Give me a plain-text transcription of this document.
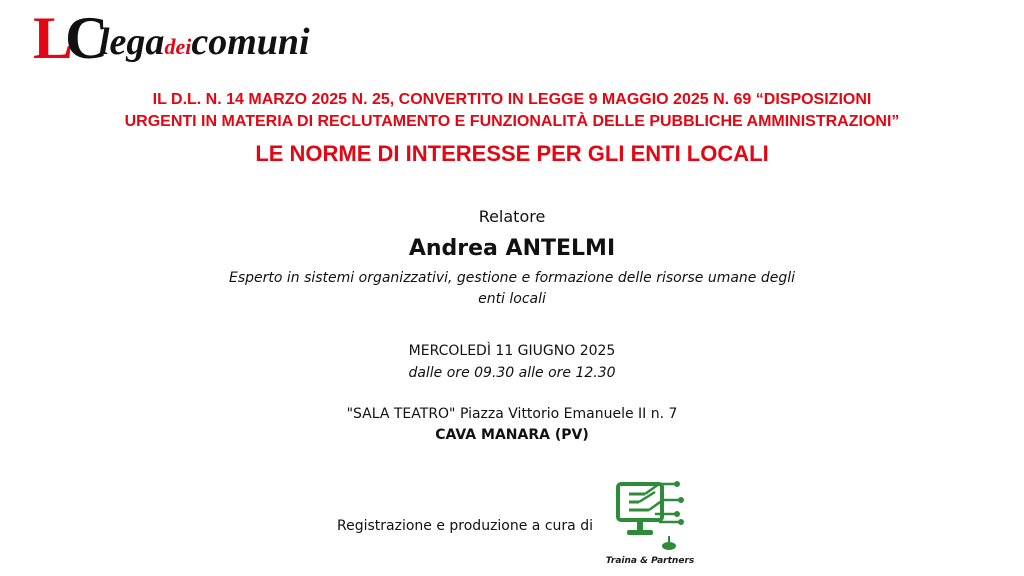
LC
legadeicomuni
IL D.L. N. 14 MARZO 2025 N. 25, CONVERTITO IN LEGGE 9 MAGGIO 2025 N. 69 “DISPOSIZIONI
URGENTI IN MATERIA DI RECLUTAMENTO E FUNZIONALITÀ DELLE PUBBLICHE AMMINISTRAZIONI”
LE NORME DI INTERESSE PER GLI ENTI LOCALI
Relatore
Andrea ANTELMI
Esperto in sistemi organizzativi, gestione e formazione delle risorse umane degli
enti locali
MERCOLEDÌ 11 GIUGNO 2025
dalle ore 09.30 alle ore 12.30
"SALA TEATRO" Piazza Vittorio Emanuele II n. 7
CAVA MANARA (PV)
Registrazione e produzione a cura di
Traina & Partners
